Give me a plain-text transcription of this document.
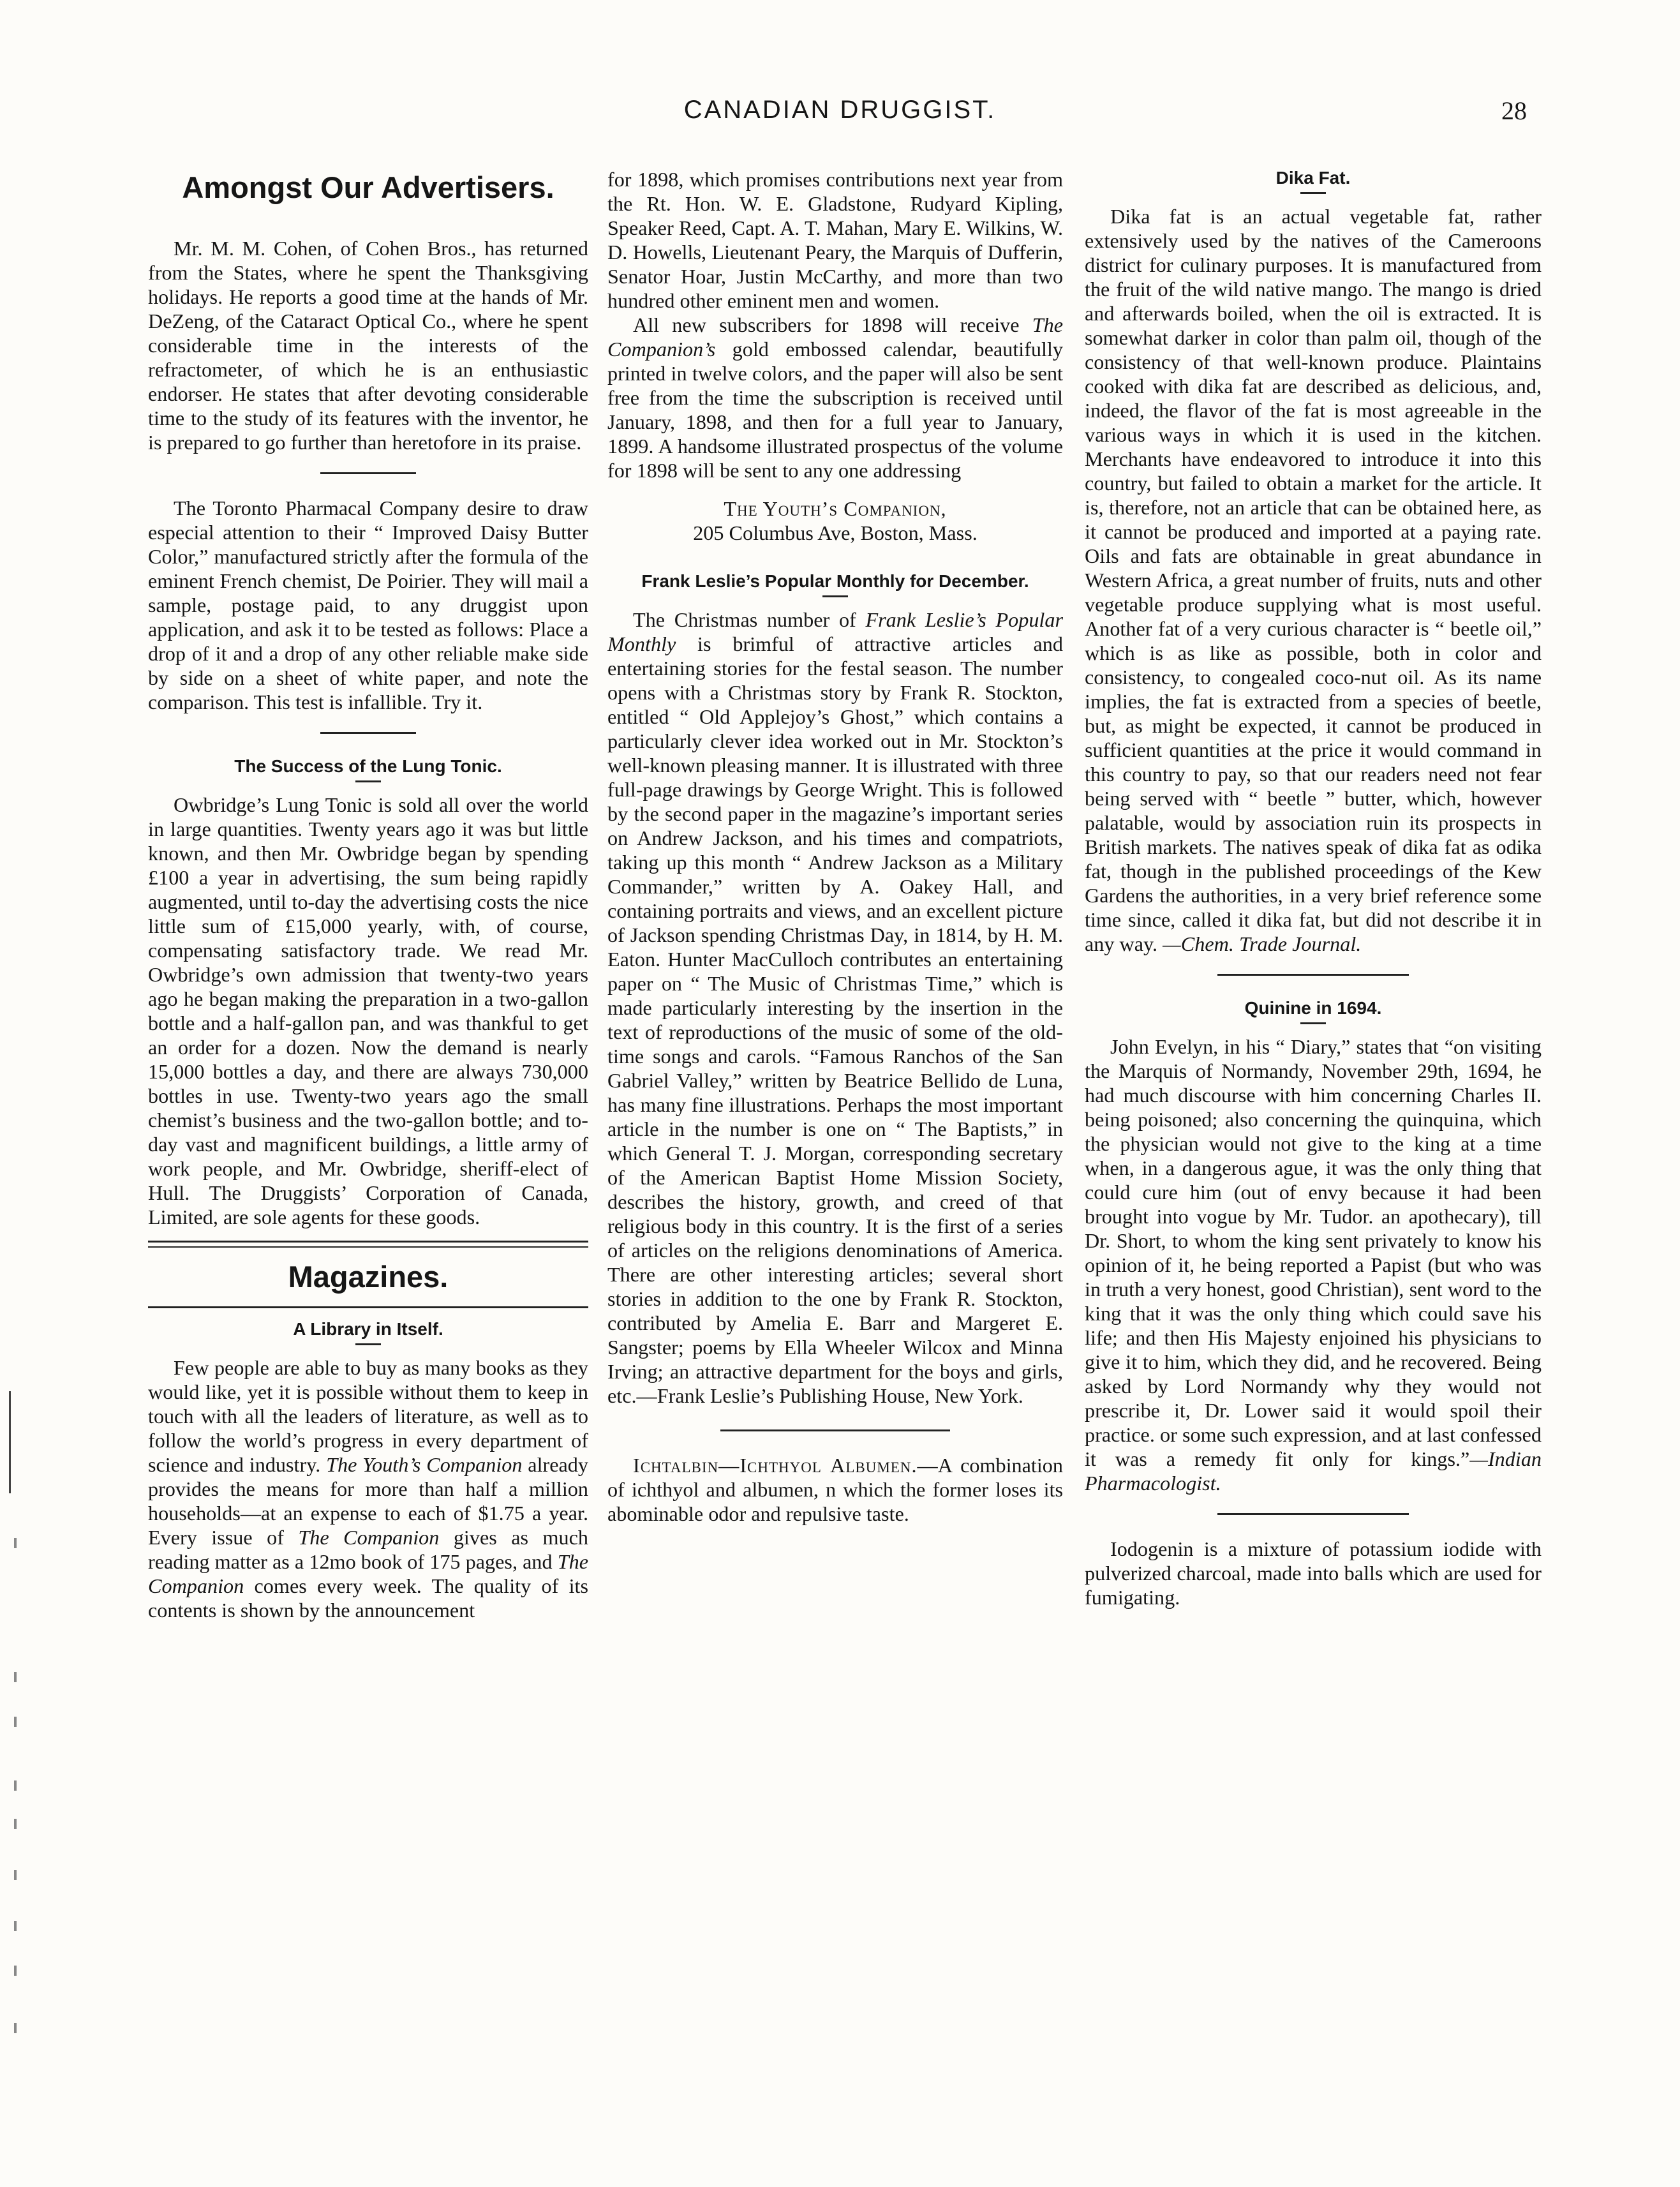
CANADIAN DRUGGIST.	28
Amongst Our Advertisers.

Mr. M. M. Cohen, of Cohen Bros., has returned from the States, where he spent the Thanksgiving holidays. He reports a good time at the hands of Mr. DeZeng, of the Cataract Optical Co., where he spent considerable time in the interests of the refractometer, of which he is an enthusiastic endorser. He states that after devoting considerable time to the study of its features with the inventor, he is prepared to go further than heretofore in its praise.

The Toronto Pharmacal Company desire to draw especial attention to their “ Improved Daisy Butter Color,” manufactured strictly after the formula of the eminent French chemist, De Poirier. They will mail a sample, postage paid, to any druggist upon application, and ask it to be tested as follows: Place a drop of it and a drop of any other reliable make side by side on a sheet of white paper, and note the comparison. This test is infallible. Try it.

The Success of the Lung Tonic.

Owbridge’s Lung Tonic is sold all over the world in large quantities. Twenty years ago it was but little known, and then Mr. Owbridge began by spending £100 a year in advertising, the sum being rapidly augmented, until to-day the advertising costs the nice little sum of £15,000 yearly, with, of course, compensating satisfactory trade. We read Mr. Owbridge’s own admission that twenty-two years ago he began making the preparation in a two-gallon bottle and a half-gallon pan, and was thankful to get an order for a dozen. Now the demand is nearly 15,000 bottles a day, and there are always 730,000 bottles in use. Twenty-two years ago the small chemist’s business and the two-gallon bottle; and to-day vast and magnificent buildings, a little army of work people, and Mr. Owbridge, sheriff-elect of Hull. The Druggists’ Corporation of Canada, Limited, are sole agents for these goods.

Magazines.
A Library in Itself.

Few people are able to buy as many books as they would like, yet it is possible without them to keep in touch with all the leaders of literature, as well as to follow the world’s progress in every department of science and industry. The Youth’s Companion already provides the means for more than half a million households—at an expense to each of $1.75 a year. Every issue of The Companion gives as much reading matter as a 12mo book of 175 pages, and The Companion comes every week. The quality of its contents is shown by the announcement

for 1898, which promises contributions next year from the Rt. Hon. W. E. Gladstone, Rudyard Kipling, Speaker Reed, Capt. A. T. Mahan, Mary E. Wilkins, W. D. Howells, Lieutenant Peary, the Marquis of Dufferin, Senator Hoar, Justin McCarthy, and more than two hundred other eminent men and women.

All new subscribers for 1898 will receive The Companion’s gold embossed calendar, beautifully printed in twelve colors, and the paper will also be sent free from the time the subscription is received until January, 1898, and then for a full year to January, 1899. A handsome illustrated prospectus of the volume for 1898 will be sent to any one addressing

The Youth’s Companion,

205 Columbus Ave, Boston, Mass.

Frank Leslie’s Popular Monthly for December.

The Christmas number of Frank Leslie’s Popular Monthly is brimful of attractive articles and entertaining stories for the festal season. The number opens with a Christmas story by Frank R. Stockton, entitled “ Old Applejoy’s Ghost,” which contains a particularly clever idea worked out in Mr. Stockton’s well-known pleasing manner. It is illustrated with three full-page drawings by George Wright. This is followed by the second paper in the magazine’s important series on Andrew Jackson, and his times and compatriots, taking up this month “ Andrew Jackson as a Military Commander,” written by A. Oakey Hall, and containing portraits and views, and an excellent picture of Jackson spending Christmas Day, in 1814, by H. M. Eaton. Hunter MacCulloch contributes an entertaining paper on “ The Music of Christmas Time,” which is made particularly interesting by the insertion in the text of reproductions of the music of some of the old-time songs and carols. “Famous Ranchos of the San Gabriel Valley,” written by Beatrice Bellido de Luna, has many fine illustrations. Perhaps the most important article in the number is one on “ The Baptists,” in which General T. J. Morgan, corresponding secretary of the American Baptist Home Mission Society, describes the history, growth, and creed of that religious body in this country. It is the first of a series of articles on the religions denominations of America. There are other interesting articles; several short stories in addition to the one by Frank R. Stockton, contributed by Amelia E. Barr and Margeret E. Sangster; poems by Ella Wheeler Wilcox and Minna Irving; an attractive department for the boys and girls, etc.—Frank Leslie’s Publishing House, New York.

Ichtalbin—Ichthyol Albumen.—A combination of ichthyol and albumen, n which the former loses its abominable odor and repulsive taste.

Dika Fat.

Dika fat is an actual vegetable fat, rather extensively used by the natives of the Cameroons district for culinary purposes. It is manufactured from the fruit of the wild native mango. The mango is dried and afterwards boiled, when the oil is extracted. It is somewhat darker in color than palm oil, though of the consistency of that well-known produce. Plaintains cooked with dika fat are described as delicious, and, indeed, the flavor of the fat is most agreeable in the various ways in which it is used in the kitchen. Merchants have endeavored to introduce it into this country, but failed to obtain a market for the article. It is, therefore, not an article that can be obtained here, as it cannot be produced and imported at a paying rate. Oils and fats are obtainable in great abundance in Western Africa, a great number of fruits, nuts and other vegetable produce supplying what is most useful. Another fat of a very curious character is “ beetle oil,” which is as like as possible, both in color and consistency, to congealed coco-nut oil. As its name implies, the fat is extracted from a species of beetle, but, as might be expected, it cannot be produced in sufficient quantities at the price it would command in this country to pay, so that our readers need not fear being served with “ beetle ” butter, which, however palatable, would by association ruin its prospects in British markets. The natives speak of dika fat as odika fat, though in the published proceedings of the Kew Gardens the authorities, in a very brief reference some time since, called it dika fat, but did not describe it in any way. —Chem. Trade Journal.

Quinine in 1694.

John Evelyn, in his “ Diary,” states that “on visiting the Marquis of Normandy, November 29th, 1694, he had much discourse with him concerning Charles II. being poisoned; also concerning the quinquina, which the physician would not give to the king at a time when, in a dangerous ague, it was the only thing that could cure him (out of envy because it had been brought into vogue by Mr. Tudor. an apothecary), till Dr. Short, to whom the king sent privately to know his opinion of it, he being reported a Papist (but who was in truth a very honest, good Christian), sent word to the king that it was the only thing which could save his life; and then His Majesty enjoined his physicians to give it to him, which they did, and he recovered. Being asked by Lord Normandy why they would not prescribe it, Dr. Lower said it would spoil their practice. or some such expression, and at last confessed it was a remedy fit only for kings.”—Indian Pharmacologist.

Iodogenin is a mixture of potassium iodide with pulverized charcoal, made into balls which are used for fumigating.
